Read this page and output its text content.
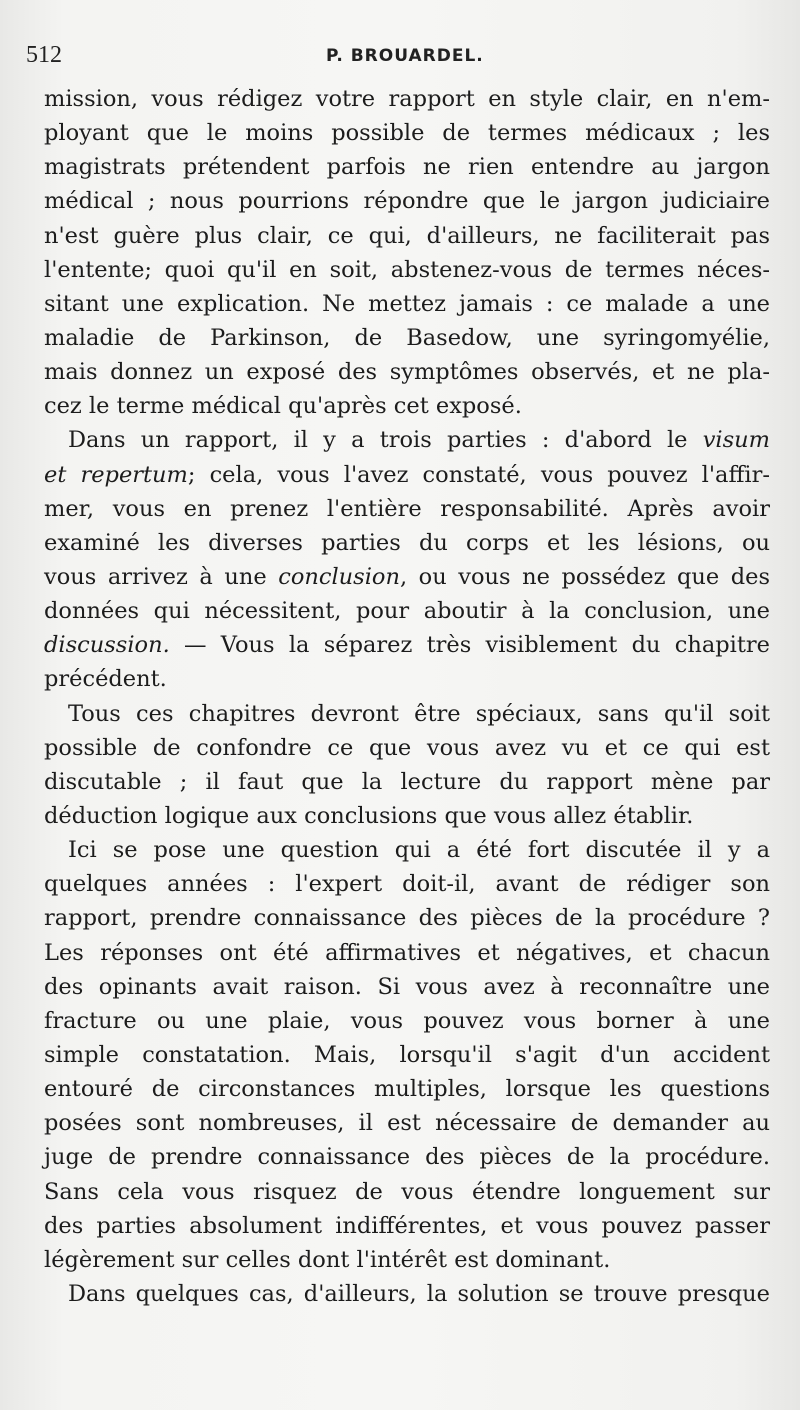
512	P. BROUARDEL.
mission, vous rédigez votre rapport en style clair, en n'em-
ployant que le moins possible de termes médicaux ; les
magistrats prétendent parfois ne rien entendre au jargon
médical ; nous pourrions répondre que le jargon judiciaire
n'est guère plus clair, ce qui, d'ailleurs, ne faciliterait pas
l'entente; quoi qu'il en soit, abstenez-vous de termes néces-
sitant une explication. Ne mettez jamais : ce malade a une
maladie de Parkinson, de Basedow, une syringomyélie,
mais donnez un exposé des symptômes observés, et ne pla-
cez le terme médical qu'après cet exposé.
Dans un rapport, il y a trois parties : d'abord le visum
et repertum; cela, vous l'avez constaté, vous pouvez l'affir-
mer, vous en prenez l'entière responsabilité. Après avoir
examiné les diverses parties du corps et les lésions, ou
vous arrivez à une conclusion, ou vous ne possédez que des
données qui nécessitent, pour aboutir à la conclusion, une
discussion. — Vous la séparez très visiblement du chapitre
précédent.
Tous ces chapitres devront être spéciaux, sans qu'il soit
possible de confondre ce que vous avez vu et ce qui est
discutable ; il faut que la lecture du rapport mène par
déduction logique aux conclusions que vous allez établir.
Ici se pose une question qui a été fort discutée il y a
quelques années : l'expert doit-il, avant de rédiger son
rapport, prendre connaissance des pièces de la procédure ?
Les réponses ont été affirmatives et négatives, et chacun
des opinants avait raison. Si vous avez à reconnaître une
fracture ou une plaie, vous pouvez vous borner à une
simple constatation. Mais, lorsqu'il s'agit d'un accident
entouré de circonstances multiples, lorsque les questions
posées sont nombreuses, il est nécessaire de demander au
juge de prendre connaissance des pièces de la procédure.
Sans cela vous risquez de vous étendre longuement sur
des parties absolument indifférentes, et vous pouvez passer
légèrement sur celles dont l'intérêt est dominant.
Dans quelques cas, d'ailleurs, la solution se trouve presque
